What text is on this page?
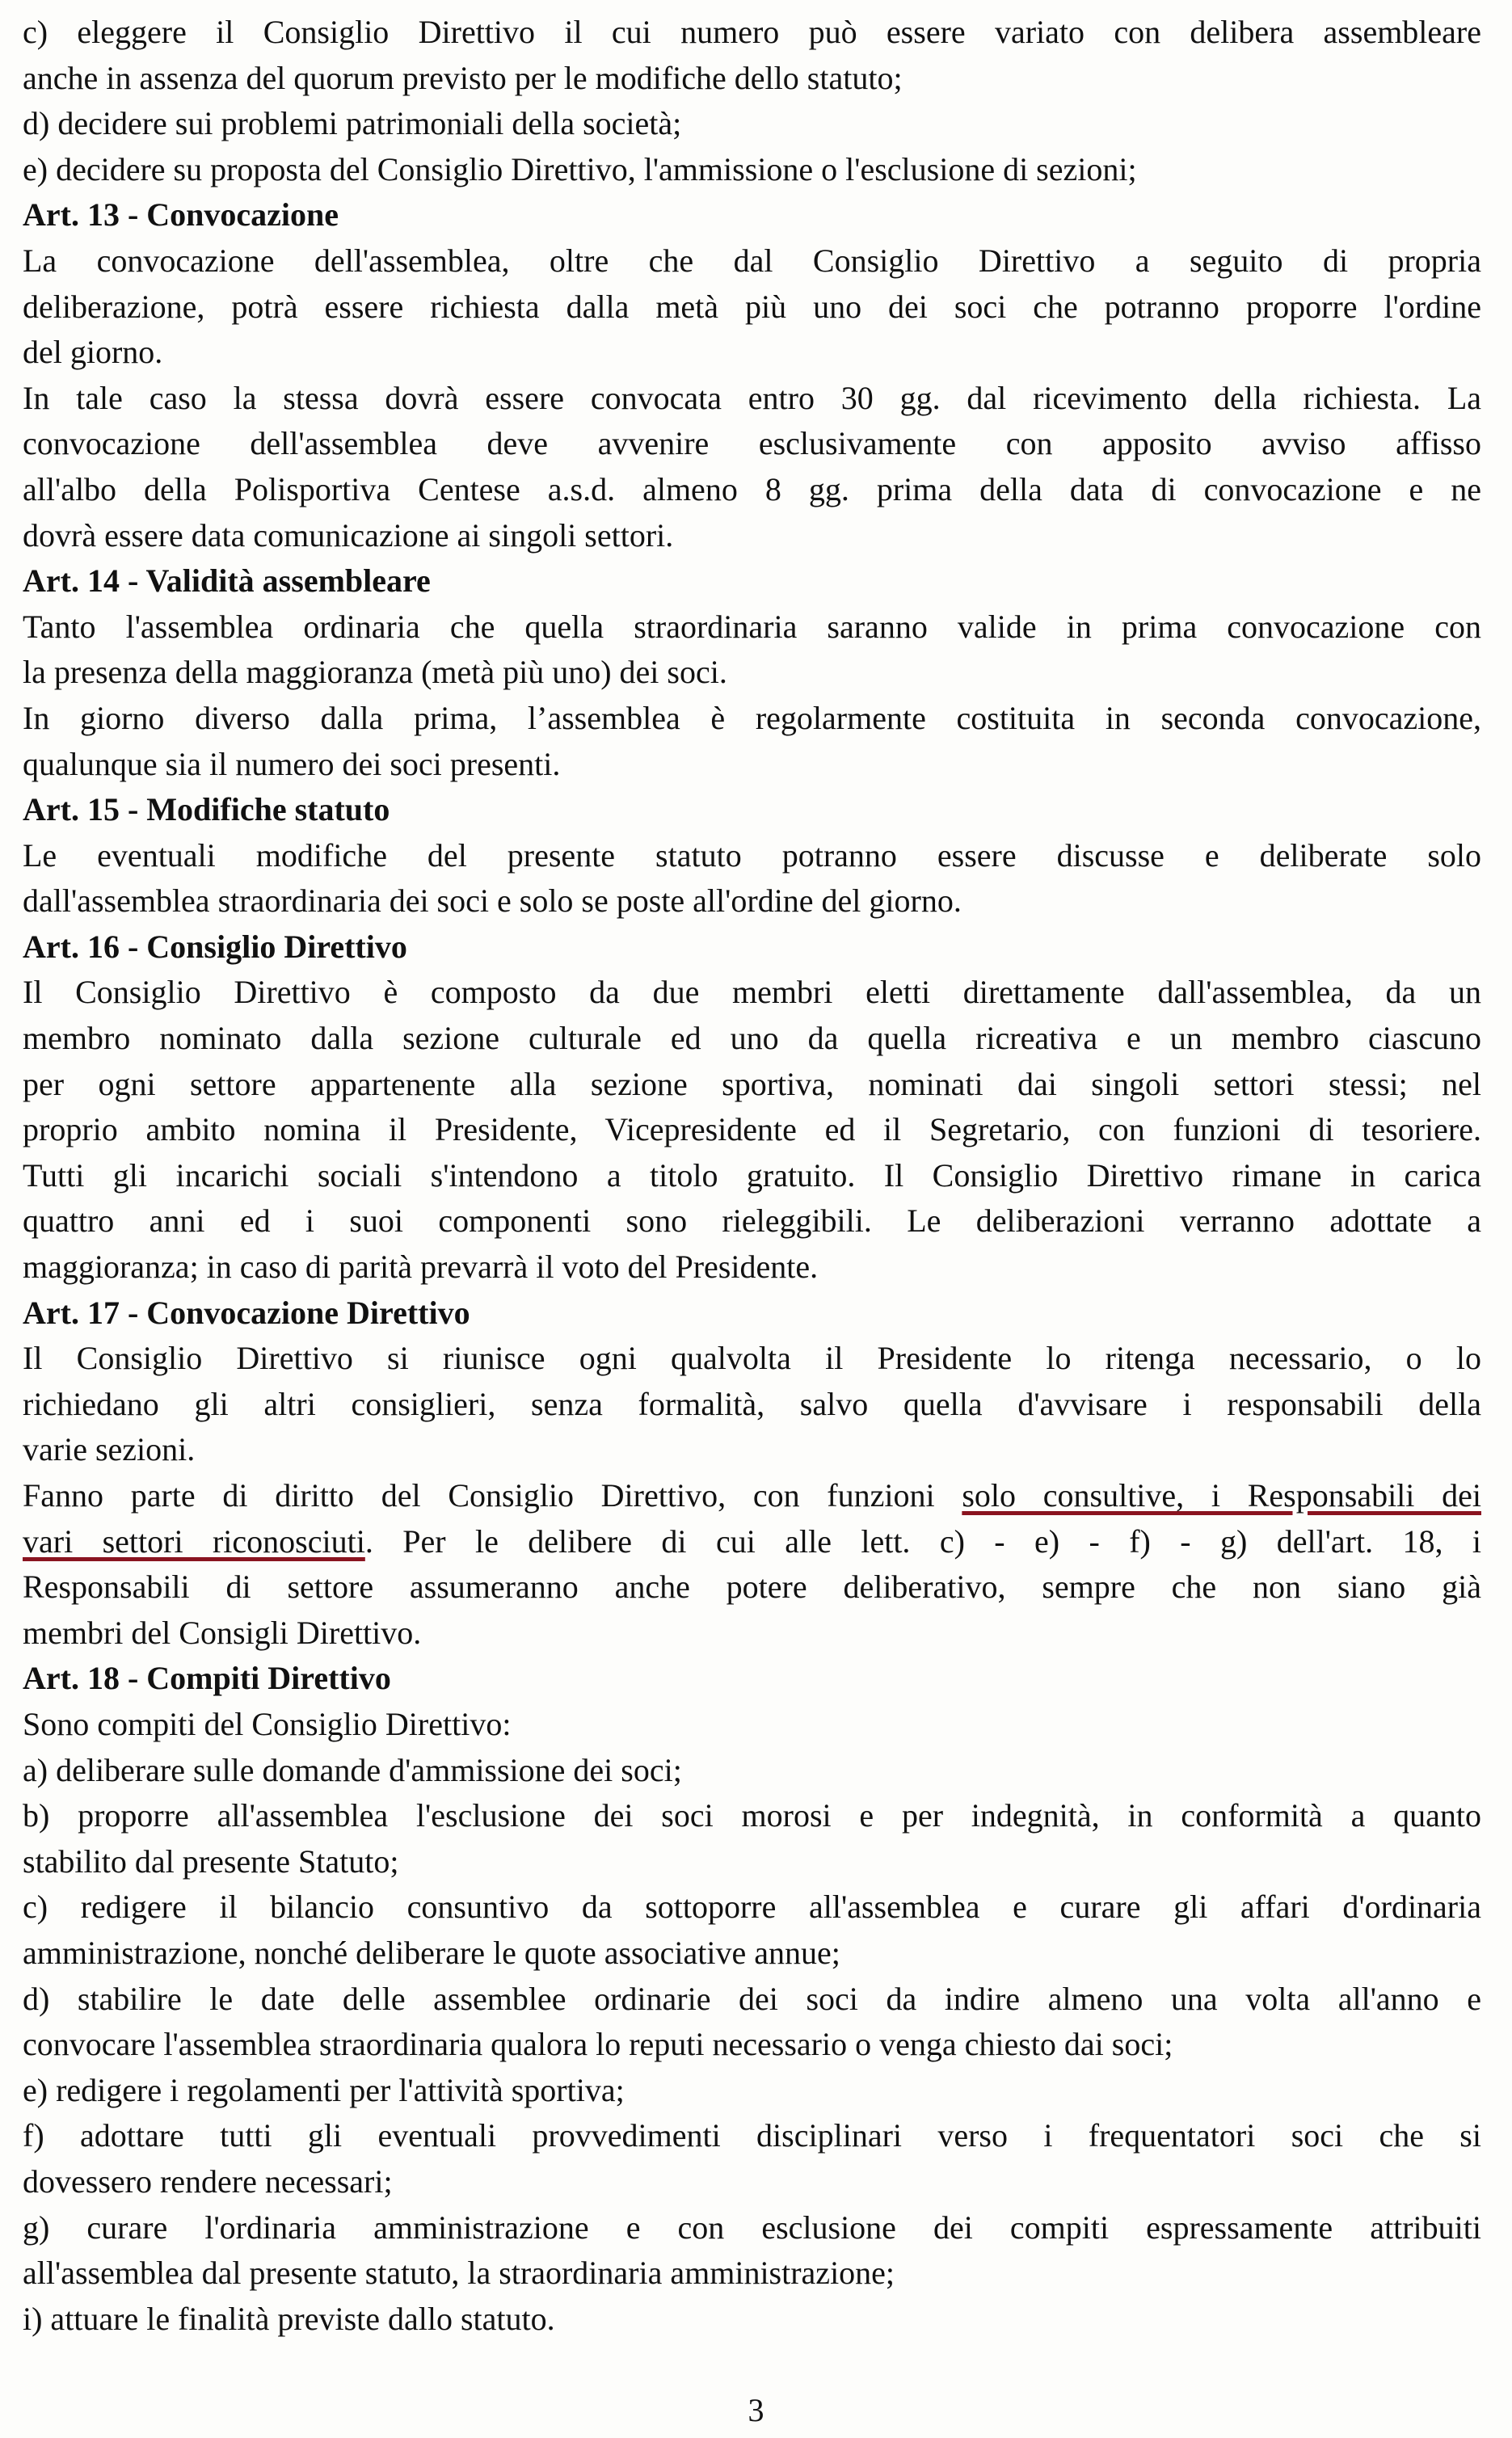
c) eleggere il Consiglio Direttivo il cui numero può essere variato con delibera assembleare
anche in assenza del quorum previsto per le modifiche dello statuto;
d) decidere sui problemi patrimoniali della società;
e) decidere su proposta del Consiglio Direttivo, l'ammissione o l'esclusione di sezioni;
Art. 13 - Convocazione
La convocazione dell'assemblea, oltre che dal Consiglio Direttivo a seguito di propria
deliberazione, potrà essere richiesta dalla metà più uno dei soci che potranno proporre l'ordine
del giorno.
In tale caso la stessa dovrà essere convocata entro 30 gg. dal ricevimento della richiesta. La
convocazione dell'assemblea deve avvenire esclusivamente con apposito avviso affisso
all'albo della Polisportiva Centese a.s.d. almeno 8 gg. prima della data di convocazione e ne
dovrà essere data comunicazione ai singoli settori.
Art. 14 - Validità assembleare
Tanto l'assemblea ordinaria che quella straordinaria saranno valide in prima convocazione con
la presenza della maggioranza (metà più uno) dei soci.
In giorno diverso dalla prima, l’assemblea è regolarmente costituita in seconda convocazione,
qualunque sia il numero dei soci presenti.
Art. 15 - Modifiche statuto
Le eventuali modifiche del presente statuto potranno essere discusse e deliberate solo
dall'assemblea straordinaria dei soci e solo se poste all'ordine del giorno.
Art. 16 - Consiglio Direttivo
Il Consiglio Direttivo è composto da due membri eletti direttamente dall'assemblea, da un
membro nominato dalla sezione culturale ed uno da quella ricreativa e un membro ciascuno
per ogni settore appartenente alla sezione sportiva, nominati dai singoli settori stessi; nel
proprio ambito nomina il Presidente, Vicepresidente ed il Segretario, con funzioni di tesoriere.
Tutti gli incarichi sociali s'intendono a titolo gratuito. Il Consiglio Direttivo rimane in carica
quattro anni ed i suoi componenti sono rieleggibili. Le deliberazioni verranno adottate a
maggioranza; in caso di parità prevarrà il voto del Presidente.
Art. 17 - Convocazione Direttivo
Il Consiglio Direttivo si riunisce ogni qualvolta il Presidente lo ritenga necessario, o lo
richiedano gli altri consiglieri, senza formalità, salvo quella d'avvisare i responsabili della
varie sezioni.
Fanno parte di diritto del Consiglio Direttivo, con funzioni solo consultive, i Responsabili dei
vari settori riconosciuti. Per le delibere di cui alle lett. c) - e) - f) - g) dell'art. 18, i
Responsabili di settore assumeranno anche potere deliberativo, sempre che non siano già
membri del Consigli Direttivo.
Art. 18 - Compiti Direttivo
Sono compiti del Consiglio Direttivo:
a) deliberare sulle domande d'ammissione dei soci;
b) proporre all'assemblea l'esclusione dei soci morosi e per indegnità, in conformità a quanto
stabilito dal presente Statuto;
c) redigere il bilancio consuntivo da sottoporre all'assemblea e curare gli affari d'ordinaria
amministrazione, nonché deliberare le quote associative annue;
d) stabilire le date delle assemblee ordinarie dei soci da indire almeno una volta all'anno e
convocare l'assemblea straordinaria qualora lo reputi necessario o venga chiesto dai soci;
e) redigere i regolamenti per l'attività sportiva;
f) adottare tutti gli eventuali provvedimenti disciplinari verso i frequentatori soci che si
dovessero rendere necessari;
g) curare l'ordinaria amministrazione e con esclusione dei compiti espressamente attribuiti
all'assemblea dal presente statuto, la straordinaria amministrazione;
i) attuare le finalità previste dallo statuto.
3
